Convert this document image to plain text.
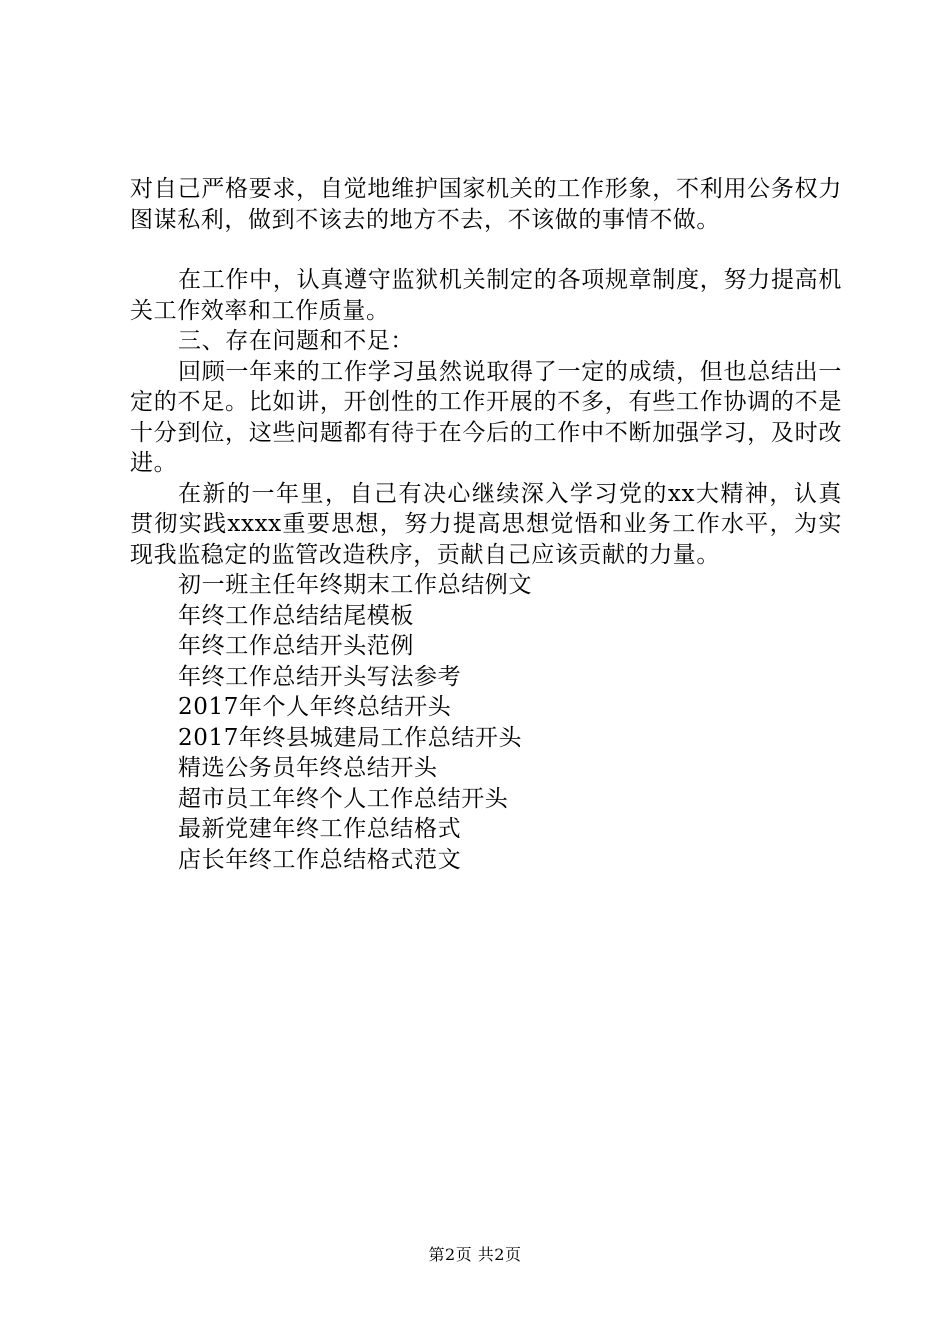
对自己严格要求，自觉地维护国家机关的工作形象，不利用公务权力图谋私利，做到不该去的地方不去，不该做的事情不做。

在工作中，认真遵守监狱机关制定的各项规章制度，努力提高机关工作效率和工作质量。

三、存在问题和不足：

回顾一年来的工作学习虽然说取得了一定的成绩，但也总结出一定的不足。比如讲，开创性的工作开展的不多，有些工作协调的不是十分到位，这些问题都有待于在今后的工作中不断加强学习，及时改进。

在新的一年里，自己有决心继续深入学习党的xx大精神，认真贯彻实践xxxx重要思想，努力提高思想觉悟和业务工作水平，为实现我监稳定的监管改造秩序，贡献自己应该贡献的力量。

初一班主任年终期末工作总结例文
年终工作总结结尾模板
年终工作总结开头范例
年终工作总结开头写法参考
2017年个人年终总结开头
2017年终县城建局工作总结开头
精选公务员年终总结开头
超市员工年终个人工作总结开头
最新党建年终工作总结格式
店长年终工作总结格式范文
第2页 共2页
